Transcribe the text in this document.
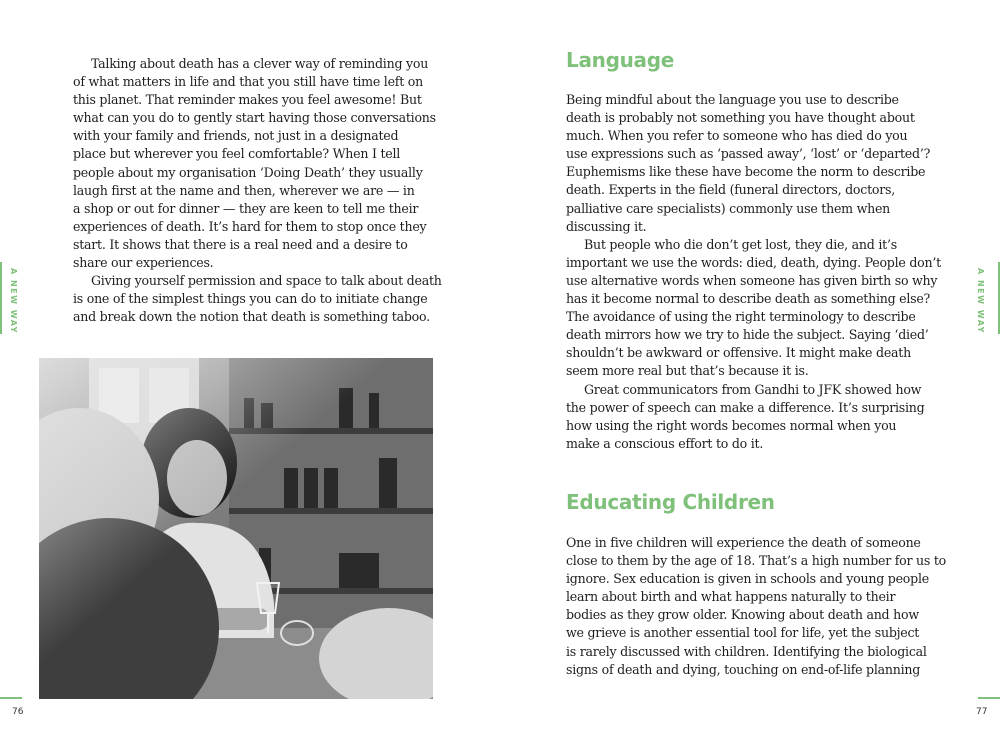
A NEW WAY
Talking about death has a clever way of reminding you
of what matters in life and that you still have time left on
this planet. That reminder makes you feel awesome! But
what can you do to gently start having those conversations
with your family and friends, not just in a designated
place but wherever you feel comfortable? When I tell
people about my organisation ‘Doing Death’ they usually
laugh first at the name and then, wherever we are — in
a shop or out for dinner — they are keen to tell me their
experiences of death. It’s hard for them to stop once they
start. It shows that there is a real need and a desire to
share our experiences.
Giving yourself permission and space to talk about death
is one of the simplest things you can do to initiate change
and break down the notion that death is something taboo.
76
Language
Being mindful about the language you use to describe
death is probably not something you have thought about
much. When you refer to someone who has died do you
use expressions such as ‘passed away’, ‘lost’ or ‘departed’?
Euphemisms like these have become the norm to describe
death. Experts in the field (funeral directors, doctors,
palliative care specialists) commonly use them when
discussing it.
But people who die don’t get lost, they die, and it’s
important we use the words: died, death, dying. People don’t
use alternative words when someone has given birth so why
has it become normal to describe death as something else?
The avoidance of using the right terminology to describe
death mirrors how we try to hide the subject. Saying ‘died’
shouldn’t be awkward or offensive. It might make death
seem more real but that’s because it is.
Great communicators from Gandhi to JFK showed how
the power of speech can make a difference. It’s surprising
how using the right words becomes normal when you
make a conscious effort to do it.
Educating Children
One in five children will experience the death of someone
close to them by the age of 18. That’s a high number for us to
ignore. Sex education is given in schools and young people
learn about birth and what happens naturally to their
bodies as they grow older. Knowing about death and how
we grieve is another essential tool for life, yet the subject
is rarely discussed with children. Identifying the biological
signs of death and dying, touching on end-of-life planning
A NEW WAY
77
